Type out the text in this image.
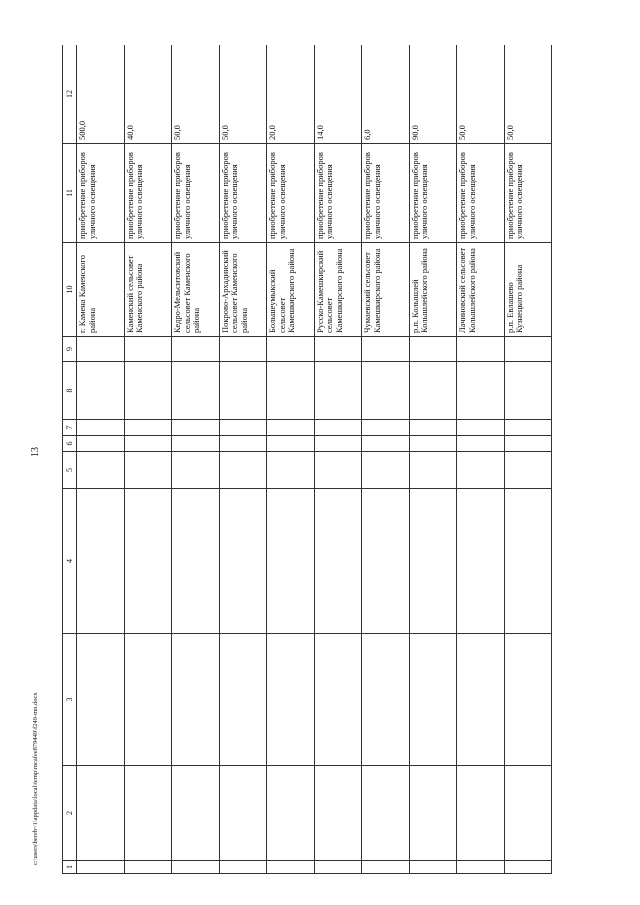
13
c:\users\bereb~1\appdata\local\temp\mcafee879449\f249-mn.docx
1	2	3	4	5	6	7	8	9	10	11	12
									г. Камена Каменского района	приобретение приборов уличного освещения	500,0
									Каменский сельсовет Каменского района	приобретение приборов уличного освещения	40,0
									Кедро-Мельситовский сельсовет Каменского района	приобретение приборов уличного освещения	50,0
									Покрово-Архадинский сельсовет Каменского района	приобретение приборов уличного освещения	50,0
									Большеумыкский сельсовет Камешкирского района	приобретение приборов уличного освещения	20,0
									Русско-Камешкирский сельсовет Камешкирского района	приобретение приборов уличного освещения	14,0
									Чумаевский сельсовет Камешкирского района	приобретение приборов уличного освещения	6,0
									р.п. Колышлей Колышлейского района	приобретение приборов уличного освещения	90,0
									Лачиновский сельсовет Колышлейского района	приобретение приборов уличного освещения	50,0
									р.п. Евлашево Кузнецкого района	приобретение приборов уличного освещения	50,0
